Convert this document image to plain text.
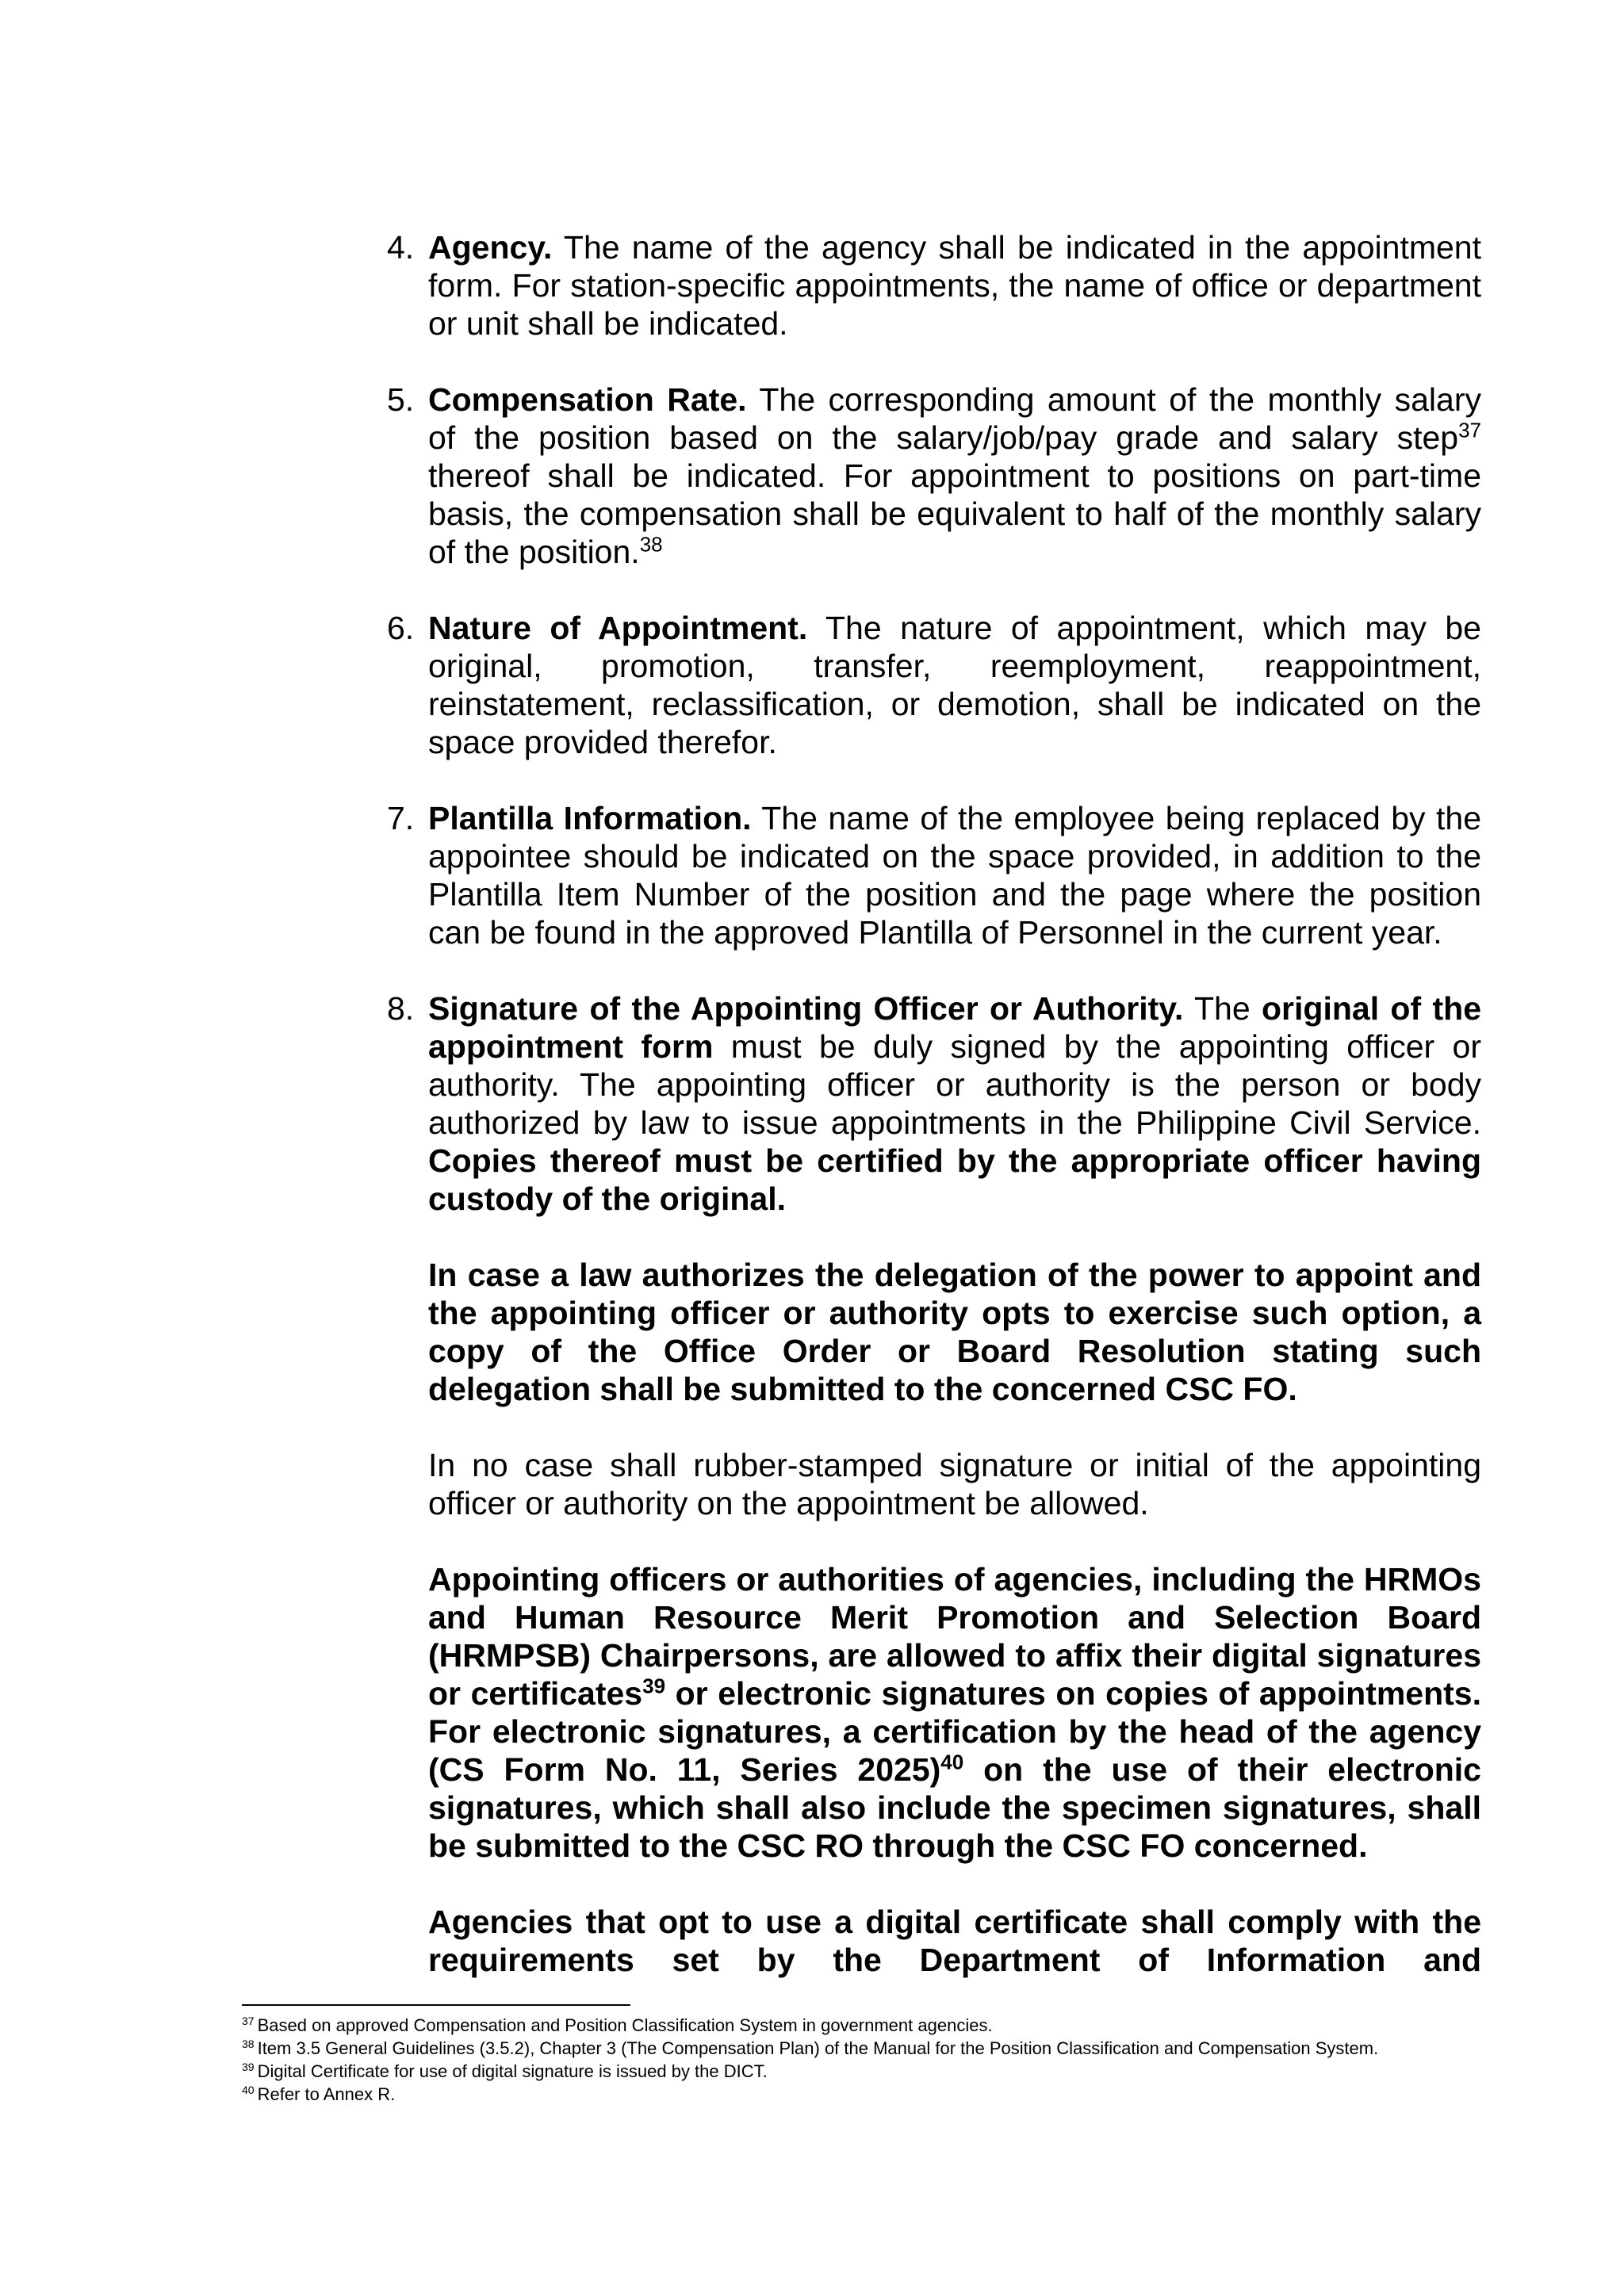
4. Agency. The name of the agency shall be indicated in the appointment form. For station-specific appointments, the name of office or department or unit shall be indicated.

5. Compensation Rate. The corresponding amount of the monthly salary of the position based on the salary/job/pay grade and salary step$^{37}$ thereof shall be indicated. For appointment to positions on part-time basis, the compensation shall be equivalent to half of the monthly salary of the position.$^{38}$

6. Nature of Appointment. The nature of appointment, which may be original, promotion, transfer, reemployment, reappointment, reinstatement, reclassification, or demotion, shall be indicated on the space provided therefor.

7. Plantilla Information. The name of the employee being replaced by the appointee should be indicated on the space provided, in addition to the Plantilla Item Number of the position and the page where the position can be found in the approved Plantilla of Personnel in the current year.

8. Signature of the Appointing Officer or Authority. The original of the appointment form must be duly signed by the appointing officer or authority. The appointing officer or authority is the person or body authorized by law to issue appointments in the Philippine Civil Service. Copies thereof must be certified by the appropriate officer having custody of the original.

In case a law authorizes the delegation of the power to appoint and the appointing officer or authority opts to exercise such option, a copy of the Office Order or Board Resolution stating such delegation shall be submitted to the concerned CSC FO.

In no case shall rubber-stamped signature or initial of the appointing officer or authority on the appointment be allowed.

Appointing officers or authorities of agencies, including the HRMOs and Human Resource Merit Promotion and Selection Board (HRMPSB) Chairpersons, are allowed to affix their digital signatures or certificates$^{39}$ or electronic signatures on copies of appointments. For electronic signatures, a certification by the head of the agency (CS Form No. 11, Series 2025)$^{40}$ on the use of their electronic signatures, which shall also include the specimen signatures, shall be submitted to the CSC RO through the CSC FO concerned.

Agencies that opt to use a digital certificate shall comply with the requirements set by the Department of Information and

$^{37}$ Based on approved Compensation and Position Classification System in government agencies.
$^{38}$ Item 3.5 General Guidelines (3.5.2), Chapter 3 (The Compensation Plan) of the Manual for the Position Classification and Compensation System.
$^{39}$ Digital Certificate for use of digital signature is issued by the DICT.
$^{40}$ Refer to Annex R.
